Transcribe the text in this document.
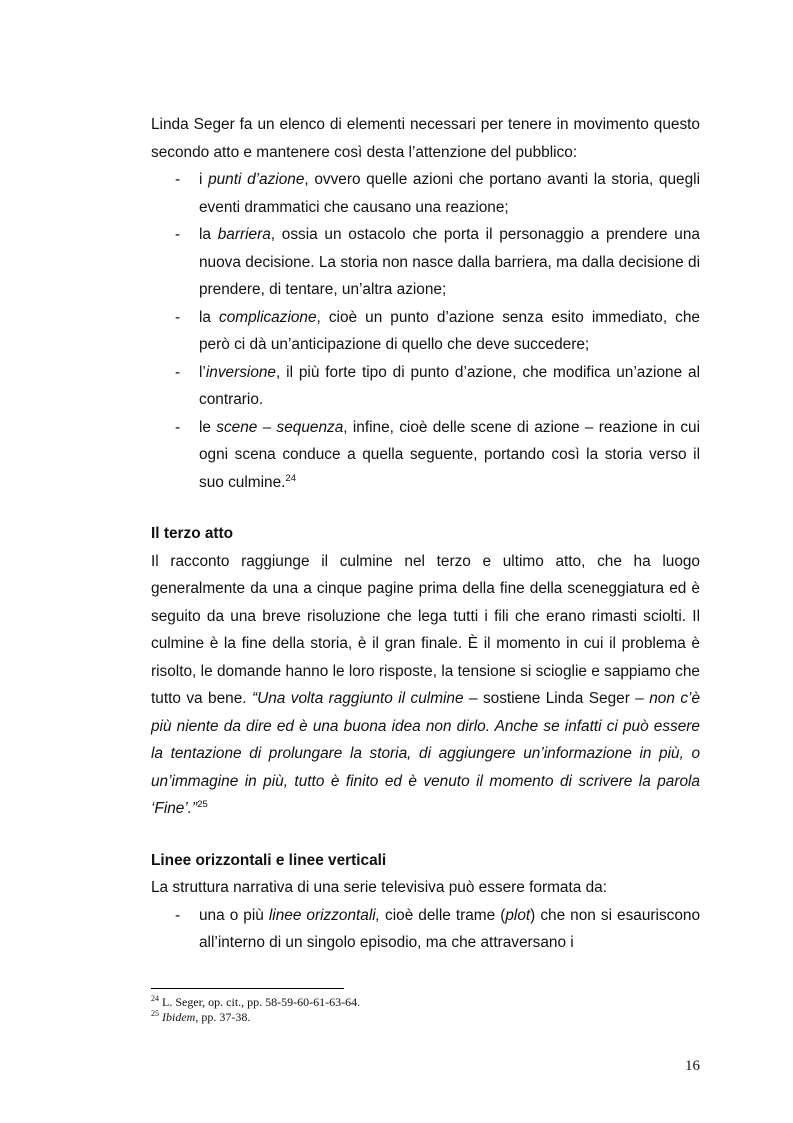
Linda Seger fa un elenco di elementi necessari per tenere in movimento questo secondo atto e mantenere così desta l’attenzione del pubblico:

- i punti d’azione, ovvero quelle azioni che portano avanti la storia, quegli eventi drammatici che causano una reazione;
- la barriera, ossia un ostacolo che porta il personaggio a prendere una nuova decisione. La storia non nasce dalla barriera, ma dalla decisione di prendere, di tentare, un’altra azione;
- la complicazione, cioè un punto d’azione senza esito immediato, che però ci dà un’anticipazione di quello che deve succedere;
- l’inversione, il più forte tipo di punto d’azione, che modifica un’azione al contrario.
- le scene – sequenza, infine, cioè delle scene di azione – reazione in cui ogni scena conduce a quella seguente, portando così la storia verso il suo culmine.$^{24}$
Il terzo atto

Il racconto raggiunge il culmine nel terzo e ultimo atto, che ha luogo generalmente da una a cinque pagine prima della fine della sceneggiatura ed è seguito da una breve risoluzione che lega tutti i fili che erano rimasti sciolti. Il culmine è la fine della storia, è il gran finale. È il momento in cui il problema è risolto, le domande hanno le loro risposte, la tensione si scioglie e sappiamo che tutto va bene. “Una volta raggiunto il culmine – sostiene Linda Seger – non c’è più niente da dire ed è una buona idea non dirlo. Anche se infatti ci può essere la tentazione di prolungare la storia, di aggiungere un’informazione in più, o un’immagine in più, tutto è finito ed è venuto il momento di scrivere la parola ‘Fine’.”$^{25}$

Linee orizzontali e linee verticali

La struttura narrativa di una serie televisiva può essere formata da:

- una o più linee orizzontali, cioè delle trame (plot) che non si esauriscono all’interno di un singolo episodio, ma che attraversano i
$^{24}$ L. Seger, op. cit., pp. 58-59-60-61-63-64.
$^{25}$ Ibidem, pp. 37-38.
16
